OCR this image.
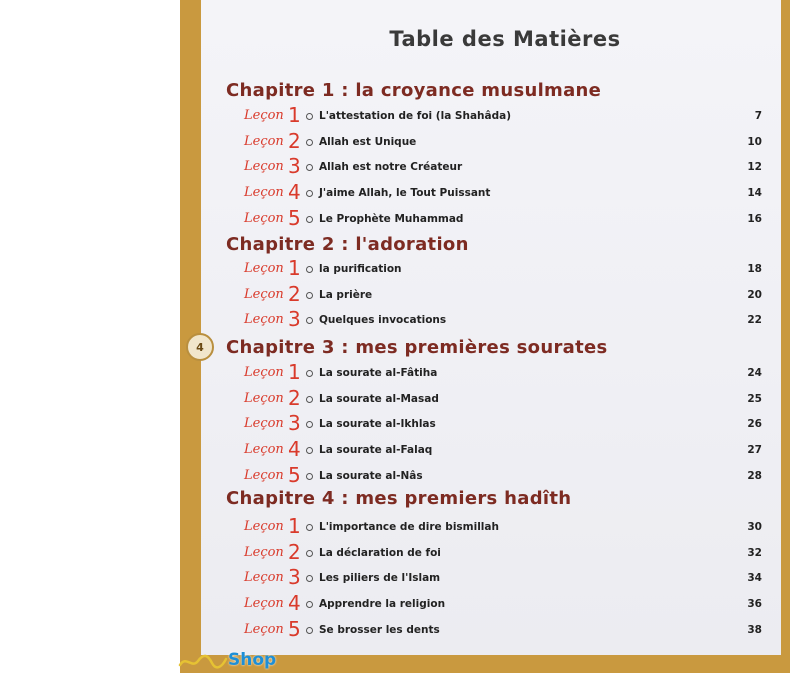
4
Table des Matières
Chapitre 1 : la croyance musulmane
Leçon 1 L'attestation de foi (la Shahâda)	7
Leçon 2 Allah est Unique	10
Leçon 3 Allah est notre Créateur	12
Leçon 4 J'aime Allah, le Tout Puissant	14
Leçon 5 Le Prophète Muhammad	16
Chapitre 2 : l'adoration
Leçon 1 la purification	18
Leçon 2 La prière	20
Leçon 3 Quelques invocations	22
Chapitre 3 : mes premières sourates
Leçon 1 La sourate al-Fâtiha	24
Leçon 2 La sourate al-Masad	25
Leçon 3 La sourate al-Ikhlas	26
Leçon 4 La sourate al-Falaq	27
Leçon 5 La sourate al-Nâs	28
Chapitre 4 : mes premiers hadîth
Leçon 1 L'importance de dire bismillah	30
Leçon 2 La déclaration de foi	32
Leçon 3 Les piliers de l'Islam	34
Leçon 4 Apprendre la religion	36
Leçon 5 Se brosser les dents	38
Shop
